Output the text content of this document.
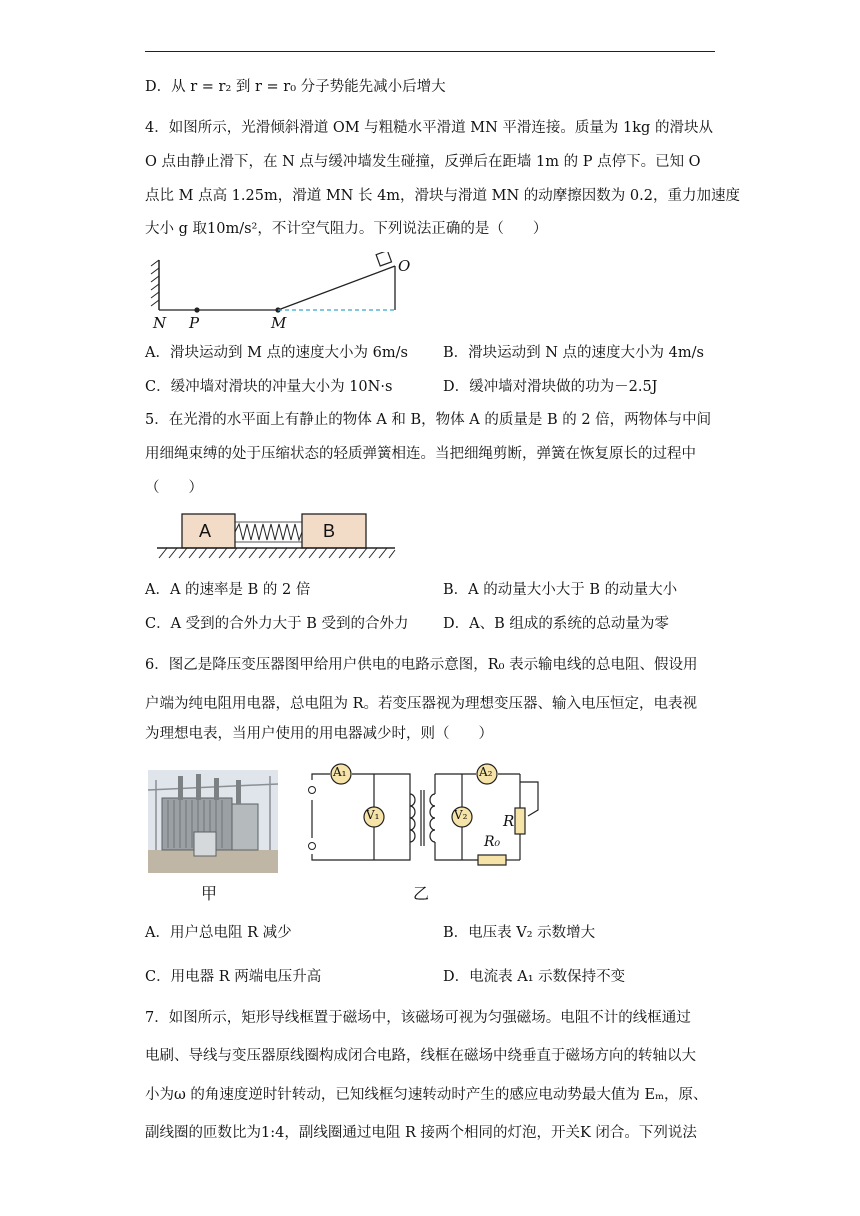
D．从 r = r₂ 到 r = r₀ 分子势能先减小后增大
4．如图所示，光滑倾斜滑道 OM 与粗糙水平滑道 MN 平滑连接。质量为 1kg 的滑块从
O 点由静止滑下，在 N 点与缓冲墙发生碰撞，反弹后在距墙 1m 的 P 点停下。已知 O
点比 M 点高 1.25m，滑道 MN 长 4m，滑块与滑道 MN 的动摩擦因数为 0.2，重力加速度
大小 g 取10m/s²，不计空气阻力。下列说法正确的是（　　）
N P	M
O
A．滑块运动到 M 点的速度大小为 6m/s B．滑块运动到 N 点的速度大小为 4m/s
C．缓冲墙对滑块的冲量大小为 10N·s	D．缓冲墙对滑块做的功为－2.5J
5．在光滑的水平面上有静止的物体 A 和 B，物体 A 的质量是 B 的 2 倍，两物体与中间
用细绳束缚的处于压缩状态的轻质弹簧相连。当把细绳剪断，弹簧在恢复原长的过程中
（　　）
A	B
A．A 的速率是 B 的 2 倍	B．A 的动量大小大于 B 的动量大小
C．A 受到的合外力大于 B 受到的合外力 D．A、B 组成的系统的总动量为零
6．图乙是降压变压器图甲给用户供电的电路示意图，R₀ 表示输电线的总电阻、假设用
户端为纯电阻用电器，总电阻为 R。若变压器视为理想变压器、输入电压恒定，电表视
为理想电表，当用户使用的用电器减少时，则（　　）
甲
A₁
V₁
A₂
V₂ R
R₀
乙
A．用户总电阻 R 减少	B．电压表 V₂ 示数增大
C．用电器 R 两端电压升高	D．电流表 A₁ 示数保持不变
7．如图所示，矩形导线框置于磁场中，该磁场可视为匀强磁场。电阻不计的线框通过
电刷、导线与变压器原线圈构成闭合电路，线框在磁场中绕垂直于磁场方向的转轴以大
小为ω 的角速度逆时针转动，已知线框匀速转动时产生的感应电动势最大值为 Eₘ，原、
副线圈的匝数比为1:4，副线圈通过电阻 R 接两个相同的灯泡，开关K 闭合。下列说法
